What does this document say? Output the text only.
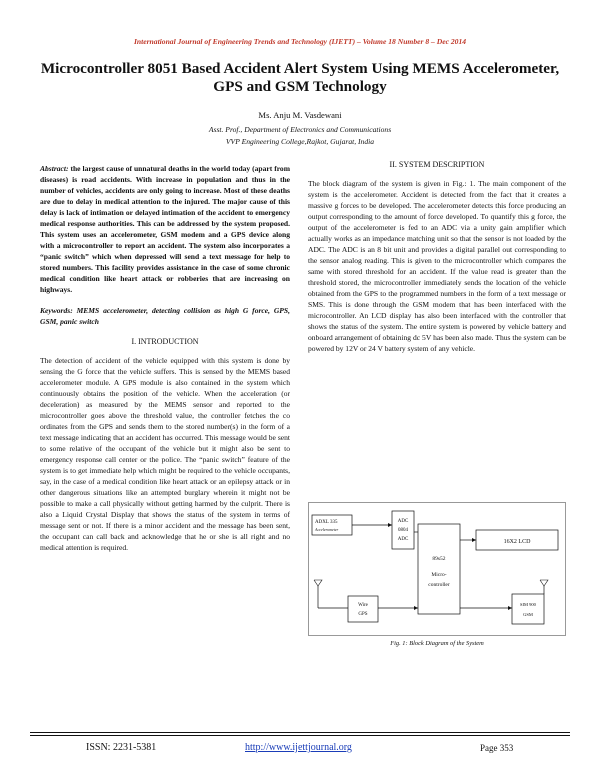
International Journal of Engineering Trends and Technology (IJETT) – Volume 18 Number 8 – Dec 2014
Microcontroller 8051 Based Accident Alert System Using MEMS Accelerometer, GPS and GSM Technology
Ms. Anju M. Vasdewani
Asst. Prof., Department of Electronics and Communications
VVP Engineering College,Rajkot, Gujarat, India

Abstract: the largest cause of unnatural deaths in the world today (apart from diseases) is road accidents. With increase in population and thus in the number of vehicles, accidents are only going to increase. Most of these deaths are due to delay in medical attention to the injured. The major cause of this delay is lack of intimation or delayed intimation of the accident to emergency medical response authorities. This can be addressed by the system proposed. This system uses an accelerometer, GSM modem and a GPS device along with a microcontroller to report an accident. The system also incorporates a “panic switch” which when depressed will send a text message for help to stored numbers. This facility provides assistance in the case of some chronic medical condition like heart attack or robberies that are increasing on highways.

Keywords: MEMS accelerometer, detecting collision as high G force, GPS, GSM, panic switch

I. INTRODUCTION

The detection of accident of the vehicle equipped with this system is done by sensing the G force that the vehicle suffers. This is sensed by the MEMS based accelerometer module. A GPS module is also contained in the system which continuously obtains the position of the vehicle. When the acceleration (or deceleration) as measured by the MEMS sensor and reported to the microcontroller goes above the threshold value, the controller fetches the co ordinates from the GPS and sends them to the stored number(s) in the form of a text message indicating that an accident has occurred. This message would be sent to some relative of the occupant of the vehicle but it might also be sent to emergency response call center or the police. The “panic switch” feature of the system is to get immediate help which might be required to the vehicle occupants, say, in the case of a medical condition like heart attack or an epilepsy attack or in other dangerous situations like an attempted burglary wherein it might not be possible to make a call physically without getting harmed by the culprit. There is also a Liquid Crystal Display that shows the status of the system in terms of message sent or not. If there is a minor accident and the message has been sent, the occupant can call back and acknowledge that he or she is all right and no medical attention is required.

II. SYSTEM DESCRIPTION

The block diagram of the system is given in Fig.: 1. The main component of the system is the accelerometer. Accident is detected from the fact that it creates a massive g forces to be developed. The accelerometer detects this force producing an output corresponding to the amount of force developed. To quantify this g force, the output of the accelerometer is fed to an ADC via a unity gain amplifier which actually works as an impedance matching unit so that the sensor is not loaded by the ADC. The ADC is an 8 bit unit and provides a digital parallel out corresponding to the sensor analog reading. This is given to the microcontroller which compares the same with stored threshold for an accident. If the value read is greater than the threshold stored, the microcontroller immediately sends the location of the vehicle obtained from the GPS to the programmed numbers in the form of a text message or SMS. This is done through the GSM modem that has been interfaced with the microcontroller. An LCD display has also been interfaced with the controller that shows the status of the system. The entire system is powered by vehicle battery and onboard arrangement of obtaining dc 5V has been also made. Thus the system can be powered by 12V or 24 V battery system of any vehicle.

ADXL 335
Accelerometer
ADC 0804 ADC
89s52
Micro-
controller
16X2 LCD
Wire
GPS
SIM 900
GSM
Fig. 1: Block Diagram of the System
ISSN: 2231-5381	http://www.ijettjournal.org	Page 353
